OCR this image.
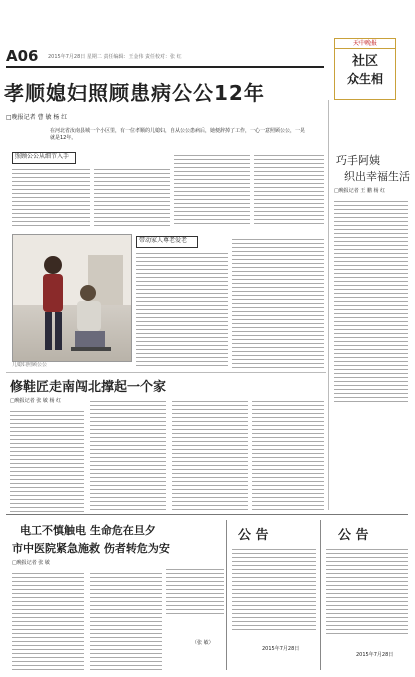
A06 2015年7月28日 星期二 责任编辑：王金伟 责任校对：张 红
天中晚报
社区
众生相
孝顺媳妇照顾患病公公12年
□晚报记者 曹 敏 杨 红
在河北省汝南县城一个小区里，有一位孝顺的儿媳妇，自从公公患病后，她便辞掉了工作，一心一意照顾公公，一晃就是12年。
照顾公公从细节入手
儿媳妇照顾公公
带动家人尊老爱老
巧手阿姨
织出幸福生活
□晚报记者 王 鹏 杨 红
修鞋匠走南闯北撑起一个家
□晚报记者 张 敏 杨 红
电工不慎触电 生命危在旦夕
市中医院紧急施救 伤者转危为安
□晚报记者 张 敏
（张 敏）
公 告
2015年7月28日
公 告
2015年7月28日
